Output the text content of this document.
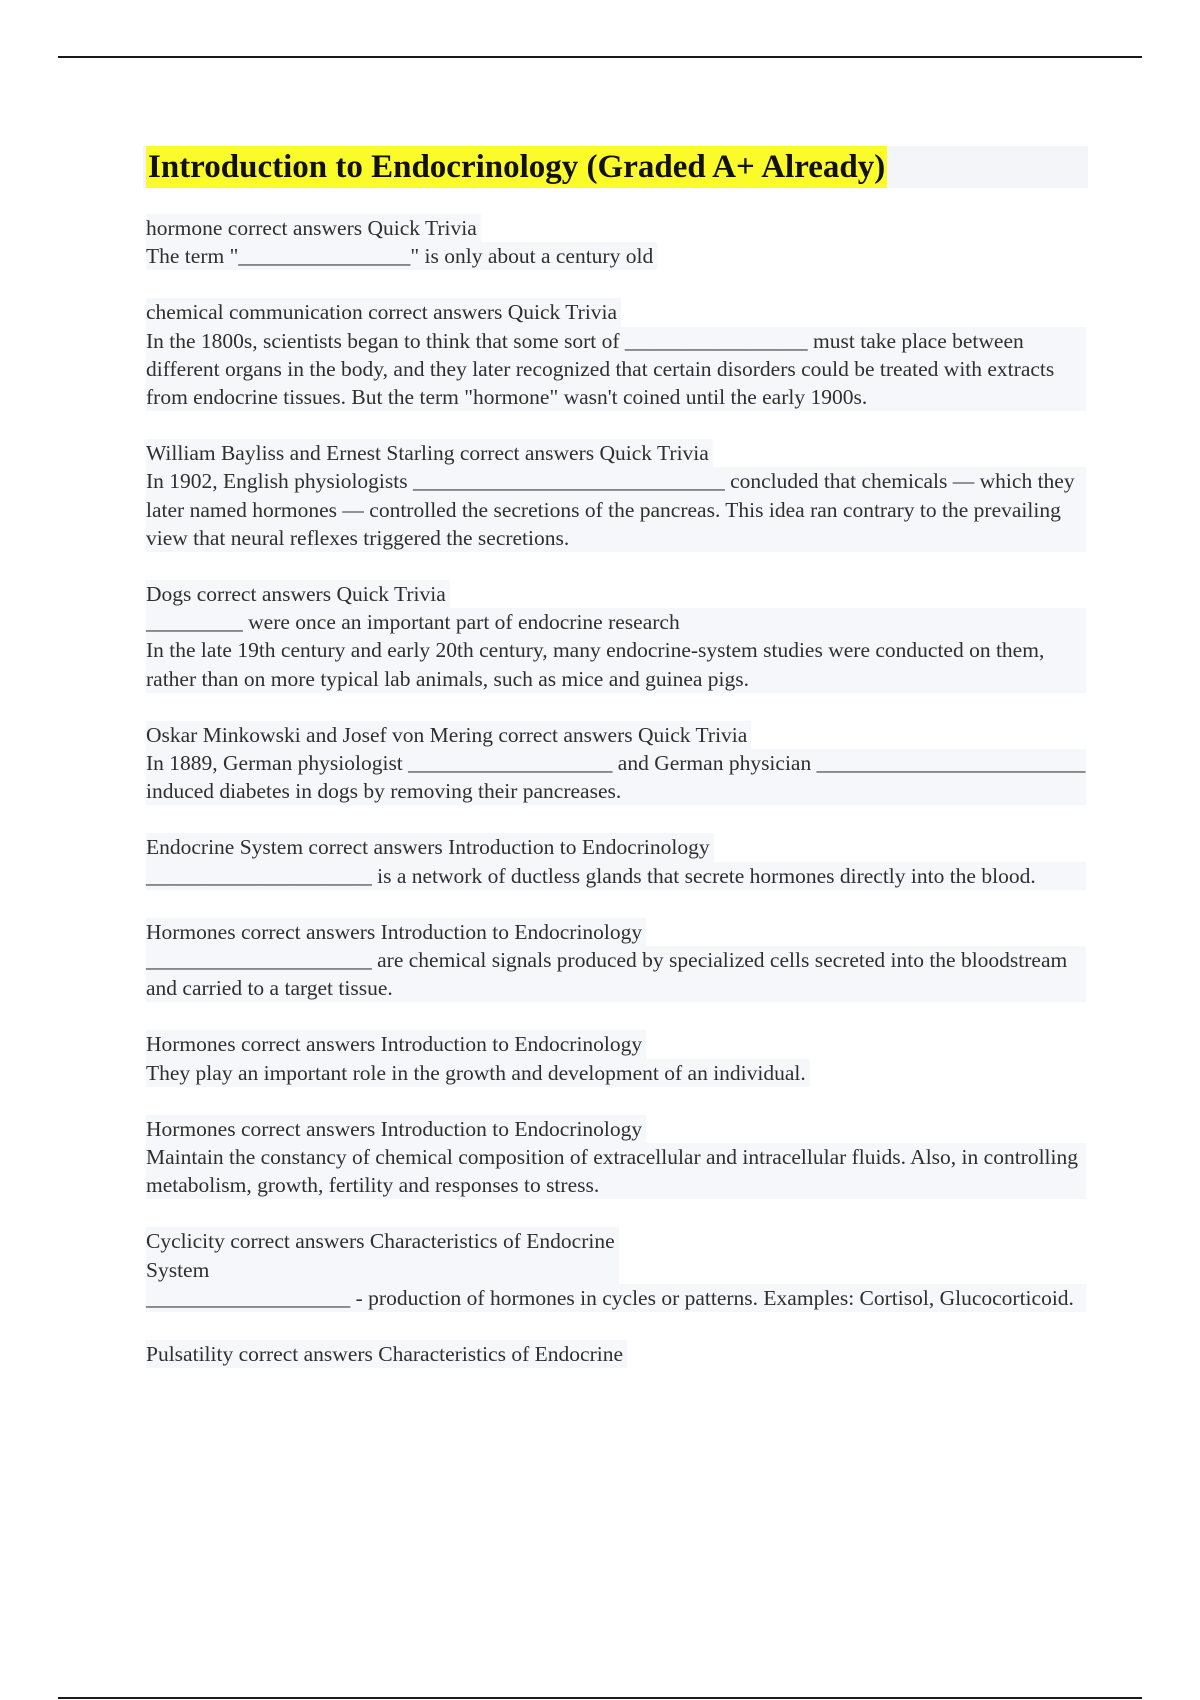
Introduction to Endocrinology (Graded A+ Already)
hormone correct answers Quick Trivia
The term "________________" is only about a century old
chemical communication correct answers Quick Trivia
In the 1800s, scientists began to think that some sort of _________________ must take place between different organs in the body, and they later recognized that certain disorders could be treated with extracts from endocrine tissues. But the term "hormone" wasn't coined until the early 1900s.
William Bayliss and Ernest Starling correct answers Quick Trivia
In 1902, English physiologists _____________________________ concluded that chemicals — which they later named hormones — controlled the secretions of the pancreas. This idea ran contrary to the prevailing view that neural reflexes triggered the secretions.
Dogs correct answers Quick Trivia
_________ were once an important part of endocrine research
In the late 19th century and early 20th century, many endocrine-system studies were conducted on them, rather than on more typical lab animals, such as mice and guinea pigs.
Oskar Minkowski and Josef von Mering correct answers Quick Trivia
In 1889, German physiologist ___________________ and German physician _________________________ induced diabetes in dogs by removing their pancreases.
Endocrine System correct answers Introduction to Endocrinology
_____________________ is a network of ductless glands that secrete hormones directly into the blood.
Hormones correct answers Introduction to Endocrinology
_____________________ are chemical signals produced by specialized cells secreted into the bloodstream and carried to a target tissue.
Hormones correct answers Introduction to Endocrinology
They play an important role in the growth and development of an individual.
Hormones correct answers Introduction to Endocrinology
Maintain the constancy of chemical composition of extracellular and intracellular fluids. Also, in controlling metabolism, growth, fertility and responses to stress.
Cyclicity correct answers Characteristics of Endocrine
System
___________________ - production of hormones in cycles or patterns. Examples: Cortisol, Glucocorticoid.
Pulsatility correct answers Characteristics of Endocrine
